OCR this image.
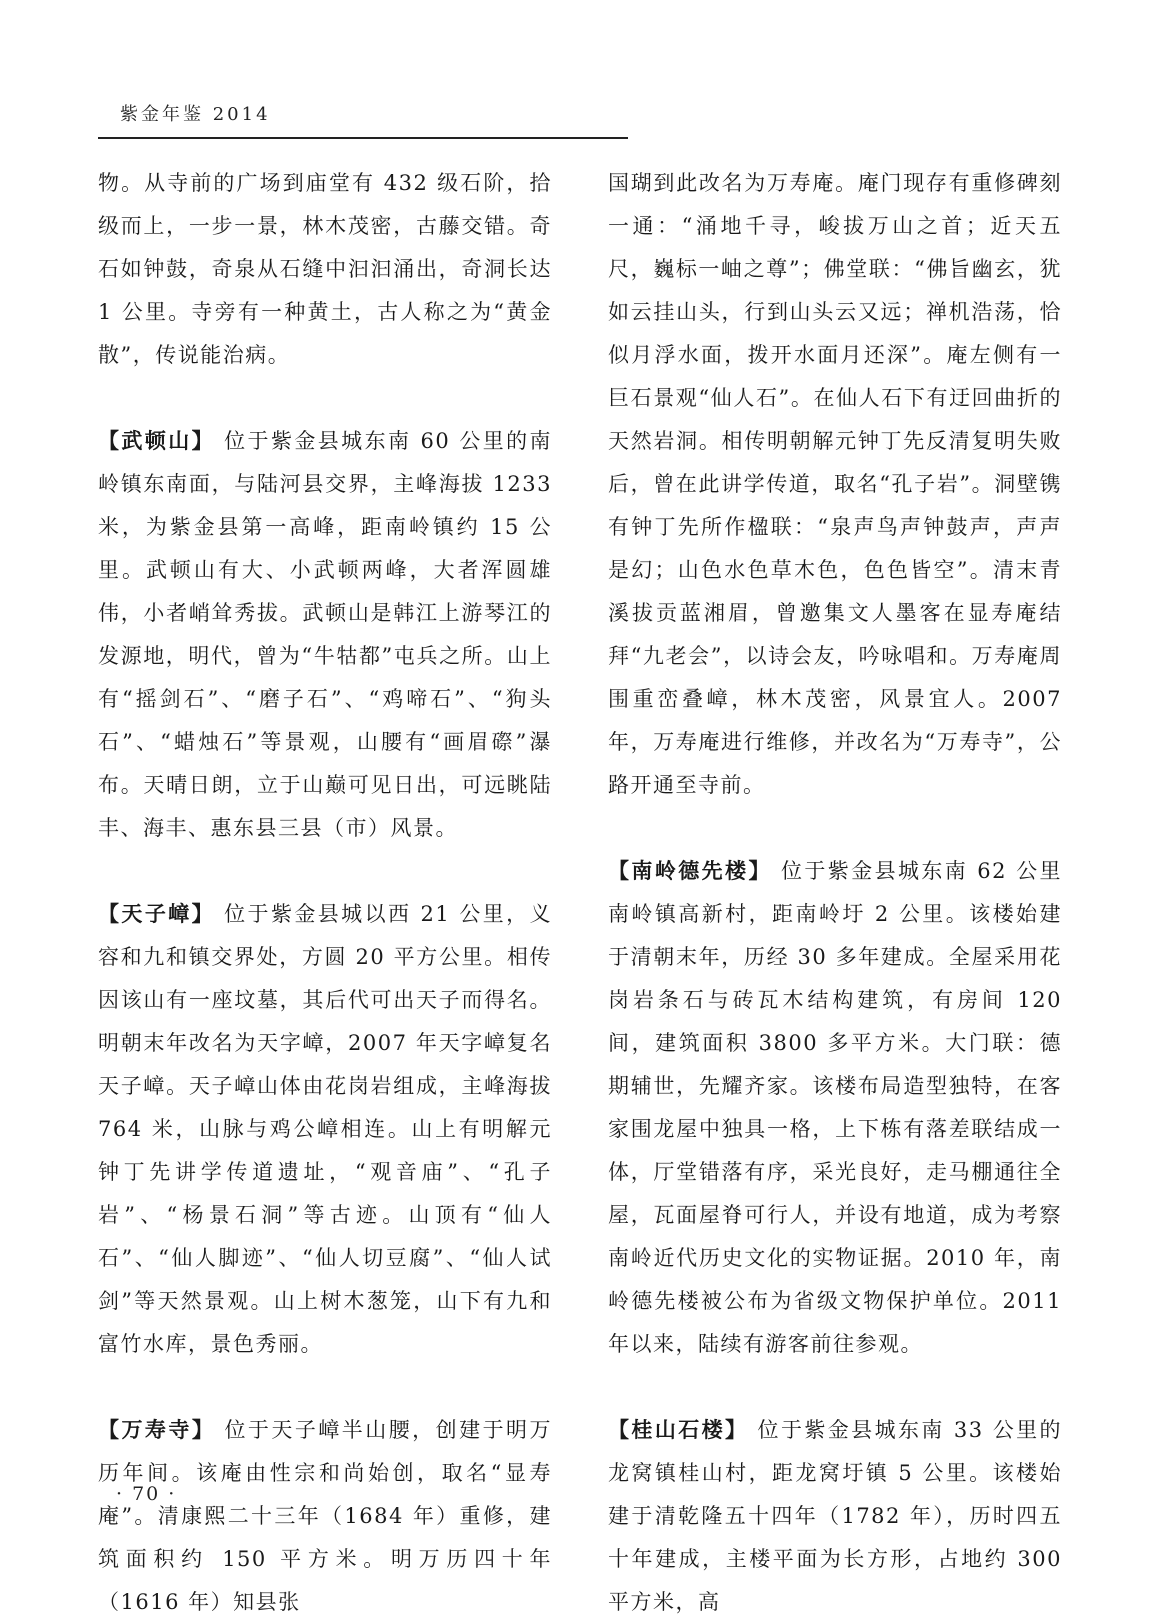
紫金年鉴 2014

物。从寺前的广场到庙堂有 432 级石阶，拾级而上，一步一景，林木茂密，古藤交错。奇石如钟鼓，奇泉从石缝中汩汩涌出，奇洞长达 1 公里。寺旁有一种黄土，古人称之为“黄金散”，传说能治病。

【武顿山】 位于紫金县城东南 60 公里的南岭镇东南面，与陆河县交界，主峰海拔 1233 米，为紫金县第一高峰，距南岭镇约 15 公里。武顿山有大、小武顿两峰，大者浑圆雄伟，小者峭耸秀拔。武顿山是韩江上游琴江的发源地，明代，曾为“牛牯都”屯兵之所。山上有“摇剑石”、“磨子石”、“鸡啼石”、“狗头石”、“蜡烛石”等景观，山腰有“画眉磜”瀑布。天晴日朗，立于山巅可见日出，可远眺陆丰、海丰、惠东县三县（市）风景。

【天子嶂】 位于紫金县城以西 21 公里，义容和九和镇交界处，方圆 20 平方公里。相传因该山有一座坟墓，其后代可出天子而得名。明朝末年改名为天字嶂，2007 年天字嶂复名天子嶂。天子嶂山体由花岗岩组成，主峰海拔 764 米，山脉与鸡公嶂相连。山上有明解元钟丁先讲学传道遗址，“观音庙”、“孔子岩”、“杨景石洞”等古迹。山顶有“仙人石”、“仙人脚迹”、“仙人切豆腐”、“仙人试剑”等天然景观。山上树木葱笼，山下有九和富竹水库，景色秀丽。

【万寿寺】 位于天子嶂半山腰，创建于明万历年间。该庵由性宗和尚始创，取名“显寿庵”。清康熙二十三年（1684 年）重修，建筑面积约 150 平方米。明万历四十年（1616 年）知县张

国瑚到此改名为万寿庵。庵门现存有重修碑刻一通：“涌地千寻，峻拔万山之首；近天五尺，巍标一岫之尊”；佛堂联：“佛旨幽玄，犹如云挂山头，行到山头云又远；禅机浩荡，恰似月浮水面，拨开水面月还深”。庵左侧有一巨石景观“仙人石”。在仙人石下有迂回曲折的天然岩洞。相传明朝解元钟丁先反清复明失败后，曾在此讲学传道，取名“孔子岩”。洞壁镌有钟丁先所作楹联：“泉声鸟声钟鼓声，声声是幻；山色水色草木色，色色皆空”。清末青溪拔贡蓝湘眉，曾邀集文人墨客在显寿庵结拜“九老会”，以诗会友，吟咏唱和。万寿庵周围重峦叠嶂，林木茂密，风景宜人。2007 年，万寿庵进行维修，并改名为“万寿寺”，公路开通至寺前。

【南岭德先楼】 位于紫金县城东南 62 公里南岭镇高新村，距南岭圩 2 公里。该楼始建于清朝末年，历经 30 多年建成。全屋采用花岗岩条石与砖瓦木结构建筑，有房间 120 间，建筑面积 3800 多平方米。大门联：德期辅世，先耀齐家。该楼布局造型独特，在客家围龙屋中独具一格，上下栋有落差联结成一体，厅堂错落有序，采光良好，走马棚通往全屋，瓦面屋脊可行人，并设有地道，成为考察南岭近代历史文化的实物证据。2010 年，南岭德先楼被公布为省级文物保护单位。2011 年以来，陆续有游客前往参观。

【桂山石楼】 位于紫金县城东南 33 公里的龙窝镇桂山村，距龙窝圩镇 5 公里。该楼始建于清乾隆五十四年（1782 年），历时四五十年建成，主楼平面为长方形，占地约 300 平方米，高

· 70 ·
